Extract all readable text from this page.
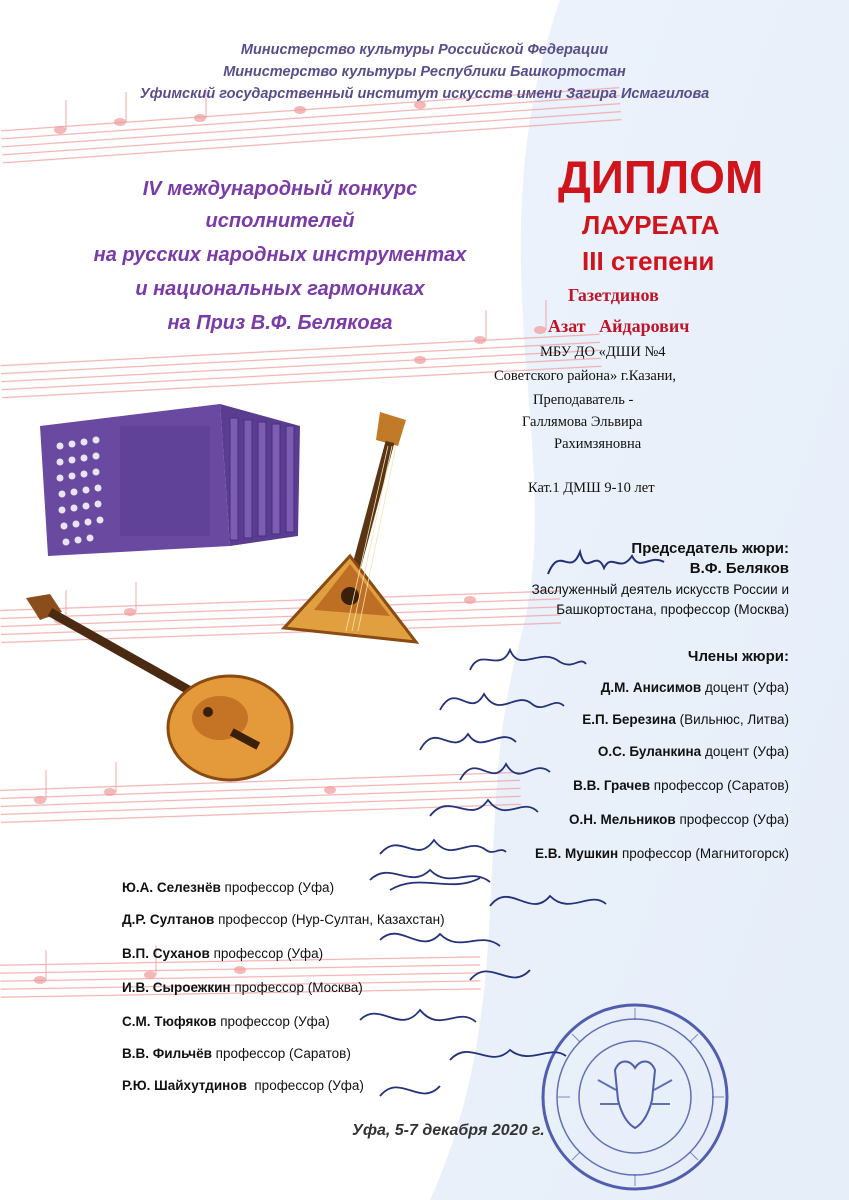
Министерство культуры Российской Федерации
Министерство культуры Республики Башкортостан
Уфимский государственный институт искусств имени Загира Исмагилова
IV международный конкурс
исполнителей
на русских народных инструментах
и национальных гармониках
на Приз В.Ф. Белякова
ДИПЛОМ
ЛАУРЕАТА
III степени
Газетдинов
Азат   Айдарович
МБУ ДО «ДШИ №4
Советского района» г.Казани,
Преподаватель -
Галлямова Эльвира
Рахимзяновна
Кат.1 ДМШ 9-10 лет
Председатель жюри:
В.Ф. Беляков
Заслуженный деятель искусств России и
Башкортостана, профессор (Москва)
Члены жюри:
Д.М. Анисимов доцент (Уфа)
Е.П. Березина (Вильнюс, Литва)
О.С. Буланкина доцент (Уфа)
В.В. Грачев профессор (Саратов)
О.Н. Мельников профессор (Уфа)
Е.В. Мушкин профессор (Магнитогорск)
Ю.А. Селезнёв профессор (Уфа)
Д.Р. Султанов профессор (Нур-Султан, Казахстан)
В.П. Суханов профессор (Уфа)
И.В. Сыроежкин профессор (Москва)
С.М. Тюфяков профессор (Уфа)
В.В. Фильчёв профессор (Саратов)
Р.Ю. Шайхутдинов  профессор (Уфа)
Уфа, 5-7 декабря 2020 г.
